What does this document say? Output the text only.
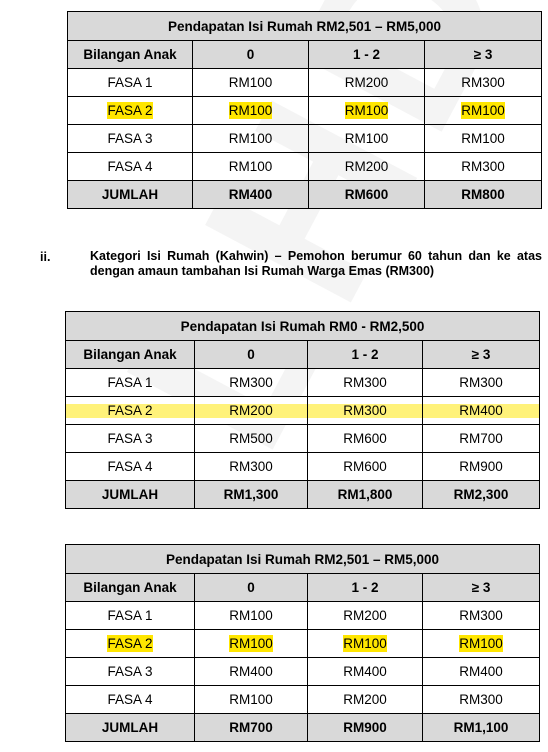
Pendapatan Isi Rumah RM2,501 – RM5,000			
Bilangan Anak	0	1 - 2	≥ 3
FASA 1	RM100	RM200	RM300
FASA 2	RM100	RM100	RM100
FASA 3	RM100	RM100	RM100
FASA 4	RM100	RM200	RM300
JUMLAH	RM400	RM600	RM800
ii.	Kategori Isi Rumah (Kahwin) – Pemohon berumur 60 tahun dan ke atas dengan amaun tambahan Isi Rumah Warga Emas (RM300)
Pendapatan Isi Rumah RM0 - RM2,500			
Bilangan Anak	0	1 - 2	≥ 3
FASA 1	RM300	RM300	RM300
FASA 2	RM200	RM300	RM400
FASA 3	RM500	RM600	RM700
FASA 4	RM300	RM600	RM900
JUMLAH	RM1,300	RM1,800	RM2,300
Pendapatan Isi Rumah RM2,501 – RM5,000			
Bilangan Anak	0	1 - 2	≥ 3
FASA 1	RM100	RM200	RM300
FASA 2	RM100	RM100	RM100
FASA 3	RM400	RM400	RM400
FASA 4	RM100	RM200	RM300
JUMLAH	RM700	RM900	RM1,100
